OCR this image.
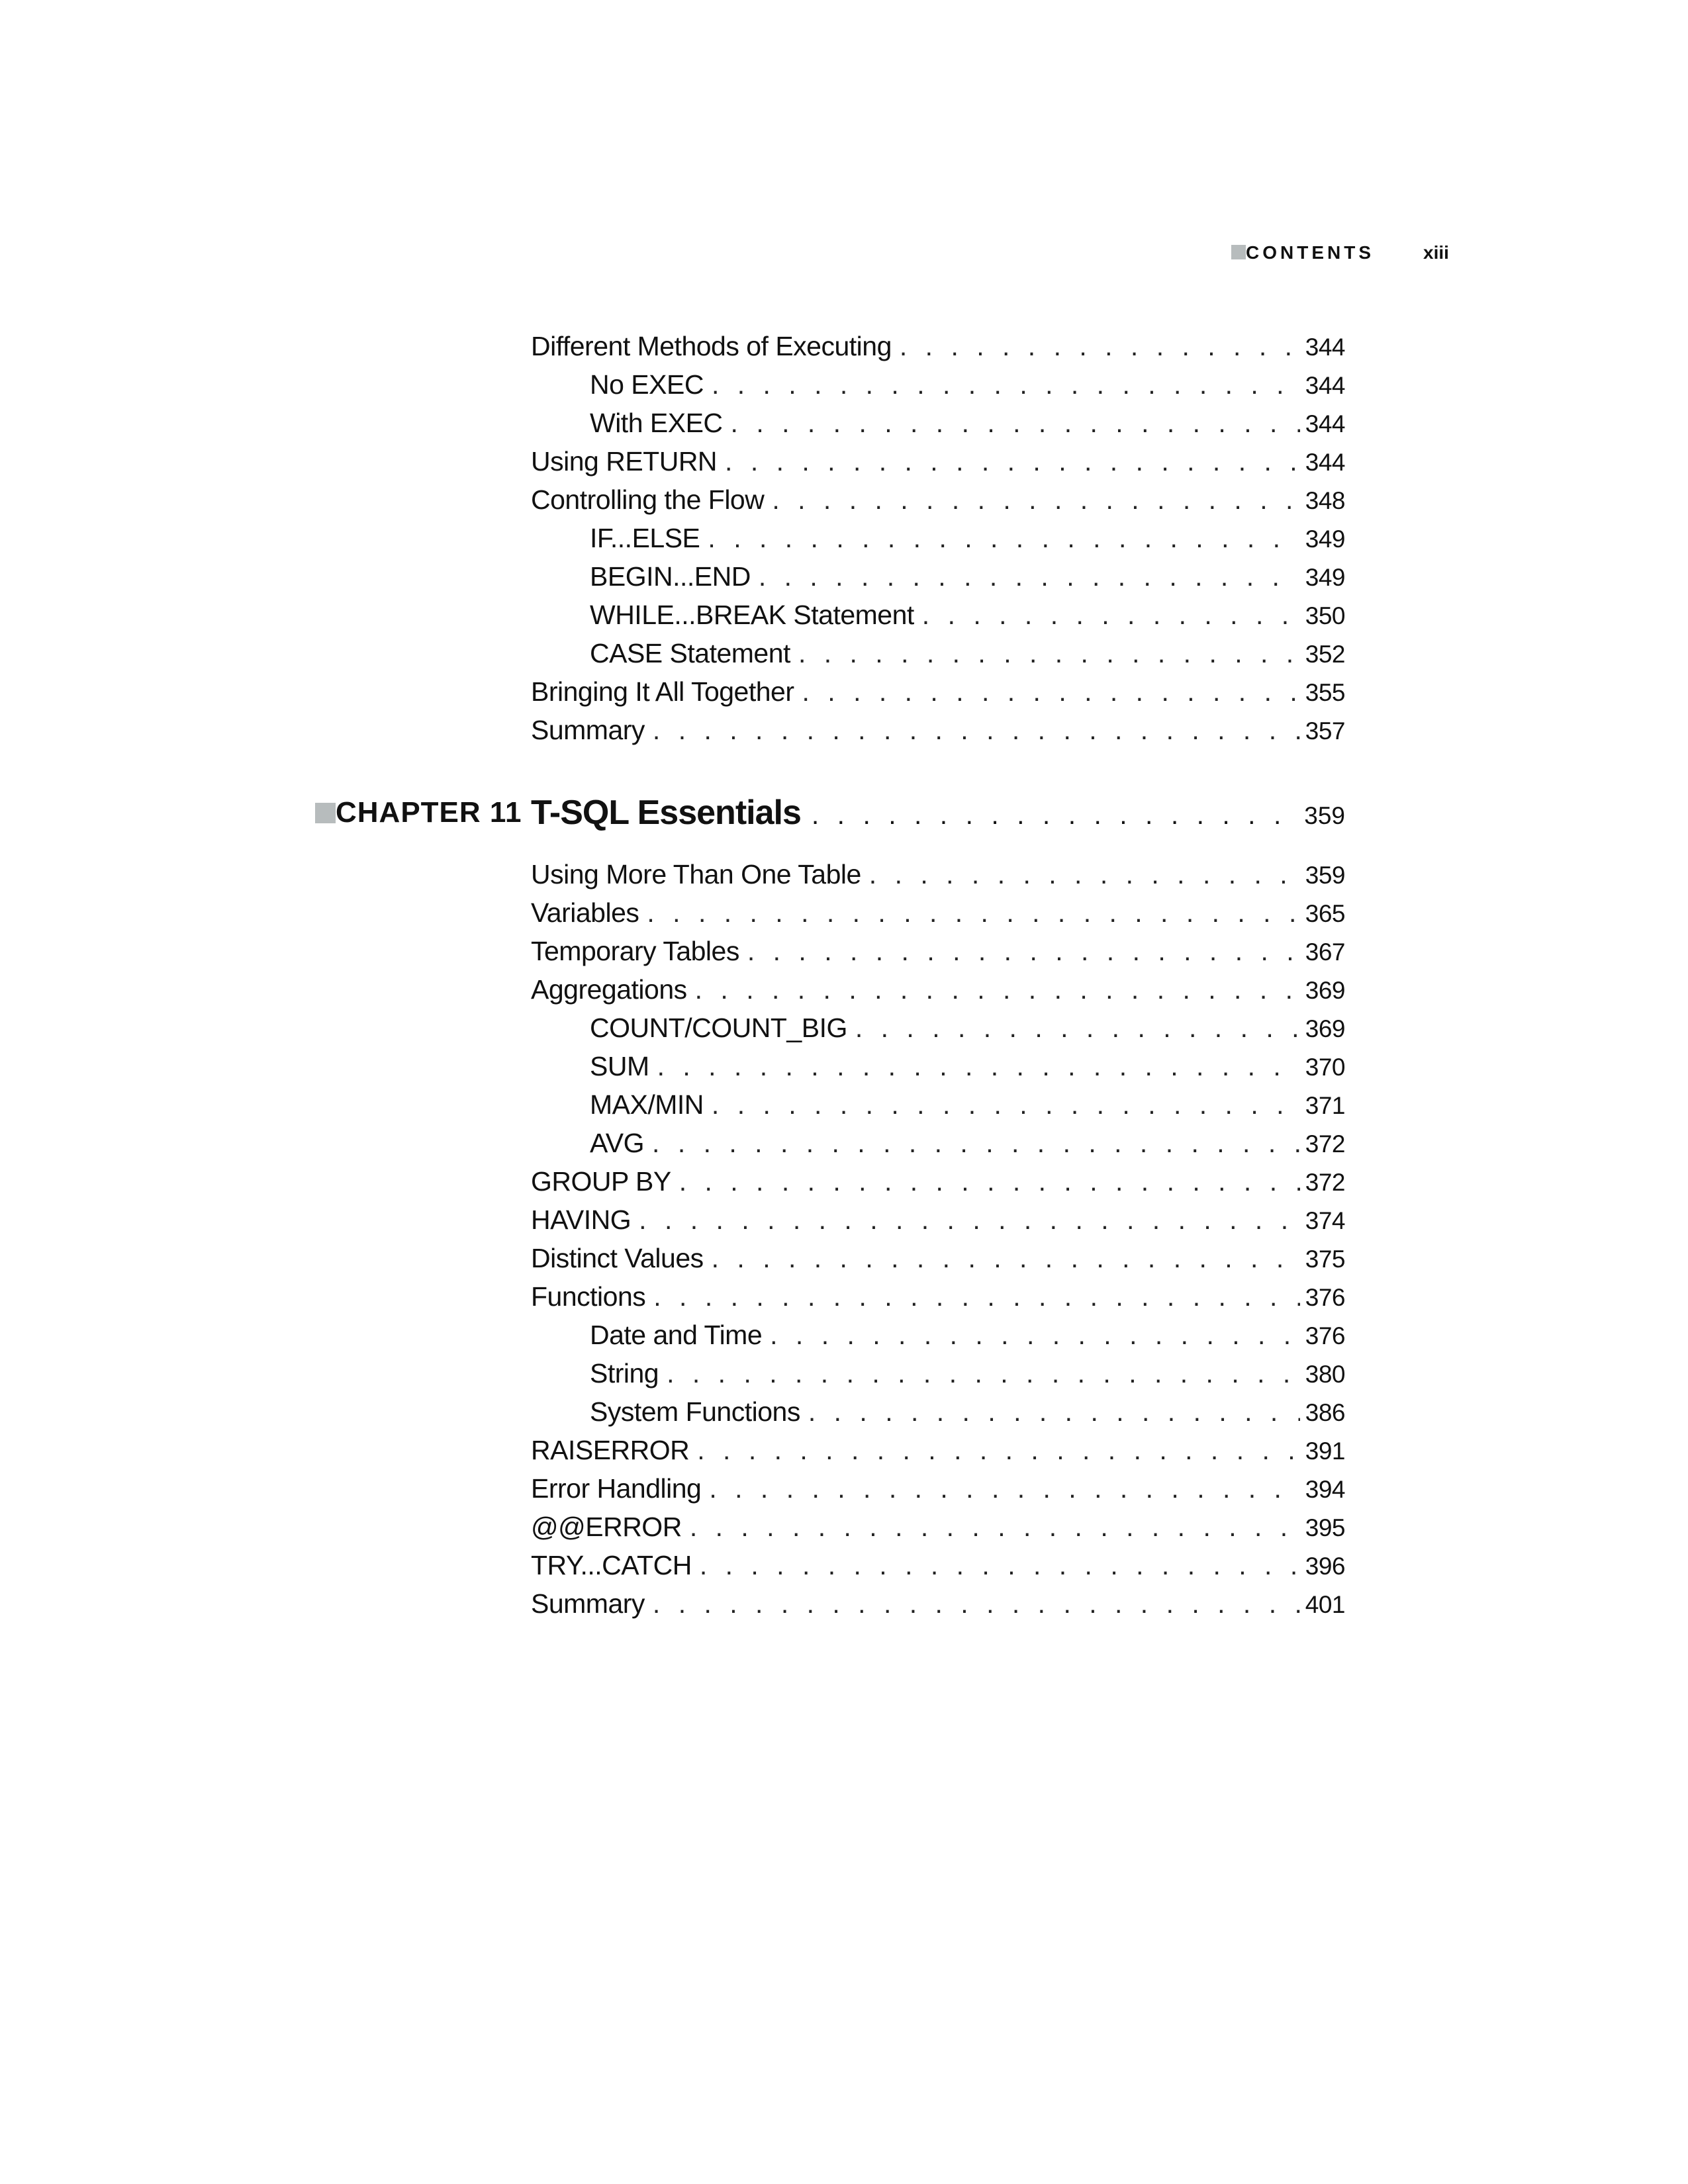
CONTENTS	xiii
Different Methods of Executing . . .	344
No EXEC . . .	344
With EXEC . . .	344
Using RETURN . . .	344
Controlling the Flow . . .	348
IF...ELSE . . .	349
BEGIN...END . . .	349
WHILE...BREAK Statement . . .	350
CASE Statement . . .	352
Bringing It All Together . . .	355
Summary . . .	357
CHAPTER 11 T-SQL Essentials . . .	359
Using More Than One Table . . .	359
Variables . . .	365
Temporary Tables . . .	367
Aggregations . . .	369
COUNT/COUNT_BIG . . .	369
SUM . . .	370
MAX/MIN . . .	371
AVG . . .	372
GROUP BY . . .	372
HAVING . . .	374
Distinct Values . . .	375
Functions . . .	376
Date and Time . . .	376
String . . .	380
System Functions . . .	386
RAISERROR . . .	391
Error Handling . . .	394
@@ERROR . . .	395
TRY...CATCH . . .	396
Summary . . .	401
